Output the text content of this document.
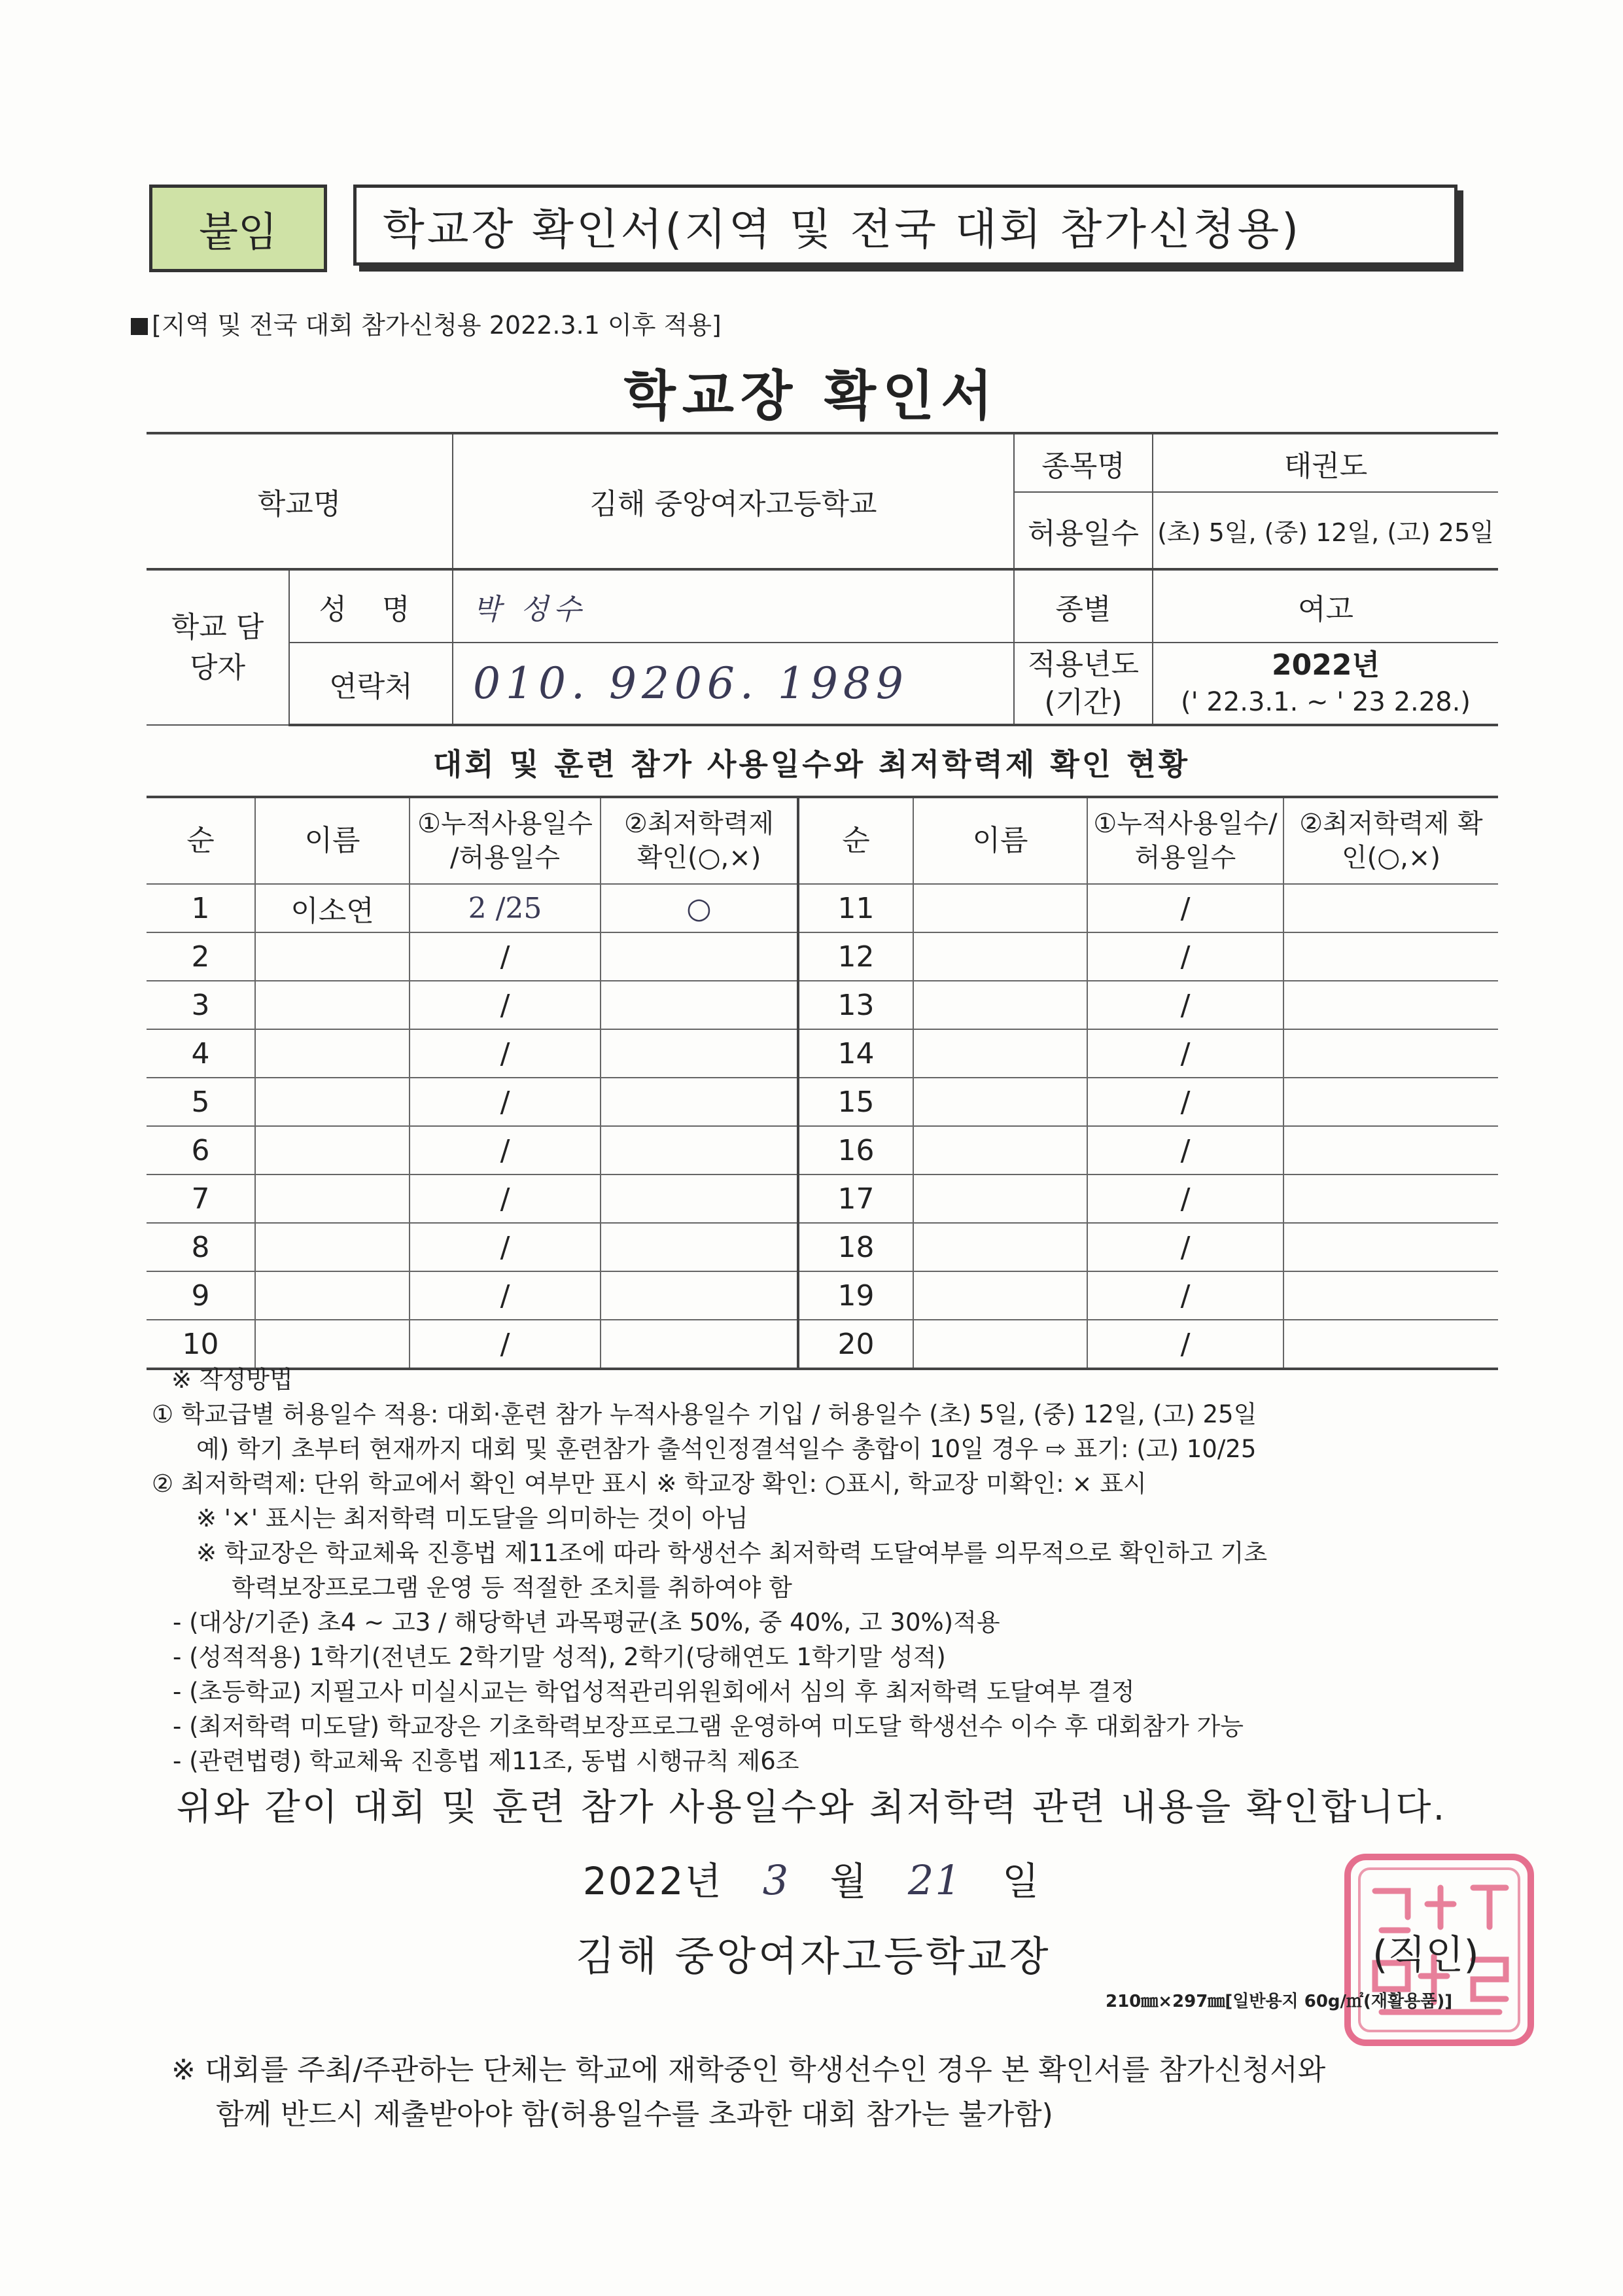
붙임	학교장 확인서(지역 및 전국 대회 참가신청용)
[지역 및 전국 대회 참가신청용 2022.3.1 이후 적용]
학교장 확인서
학교명		김해 중앙여자고등학교	종목명	태권도
			허용일수	(초) 5일, (중) 12일, (고) 25일
학교 담당자	성 명	박 성수	종별	여고
	연락처	010. 9206. 1989	적용년도 (기간)	2022년
(' 22.3.1. ~ ' 23 2.28.)
대회 및 훈련 참가 사용일수와 최저학력제 확인 현황
순	이름	①누적사용일수 /허용일수	②최저학력제 확인(○,×)	순	이름	①누적사용일수/ 허용일수	②최저학력제 확인(○,×)
1	이소연	2 /25	○	11		/	
2		/		12		/	
3		/		13		/	
4		/		14		/	
5		/		15		/	
6		/		16		/	
7		/		17		/	
8		/		18		/	
9		/		19		/	
10		/		20		/	
※ 작성방법
① 학교급별 허용일수 적용: 대회·훈련 참가 누적사용일수 기입 / 허용일수 (초) 5일, (중) 12일, (고) 25일
예) 학기 초부터 현재까지 대회 및 훈련참가 출석인정결석일수 총합이 10일 경우 ⇨ 표기: (고) 10/25
② 최저학력제: 단위 학교에서 확인 여부만 표시 ※ 학교장 확인: ○표시, 학교장 미확인: × 표시
※ '×' 표시는 최저학력 미도달을 의미하는 것이 아님
※ 학교장은 학교체육 진흥법 제11조에 따라 학생선수 최저학력 도달여부를 의무적으로 확인하고 기초
학력보장프로그램 운영 등 적절한 조치를 취하여야 함
- (대상/기준) 초4 ~ 고3 / 해당학년 과목평균(초 50%, 중 40%, 고 30%)적용
- (성적적용) 1학기(전년도 2학기말 성적), 2학기(당해연도 1학기말 성적)
- (초등학교) 지필고사 미실시교는 학업성적관리위원회에서 심의 후 최저학력 도달여부 결정
- (최저학력 미도달) 학교장은 기초학력보장프로그램 운영하여 미도달 학생선수 이수 후 대회참가 가능
- (관련법령) 학교체육 진흥법 제11조, 동법 시행규칙 제6조
위와 같이 대회 및 훈련 참가 사용일수와 최저학력 관련 내용을 확인합니다.
2022년 3 월 21 일
김해 중앙여자고등학교장	(직인)
210㎜×297㎜[일반용지 60g/㎡(재활용품)]
※ 대회를 주최/주관하는 단체는 학교에 재학중인 학생선수인 경우 본 확인서를 참가신청서와
함께 반드시 제출받아야 함(허용일수를 초과한 대회 참가는 불가함)
